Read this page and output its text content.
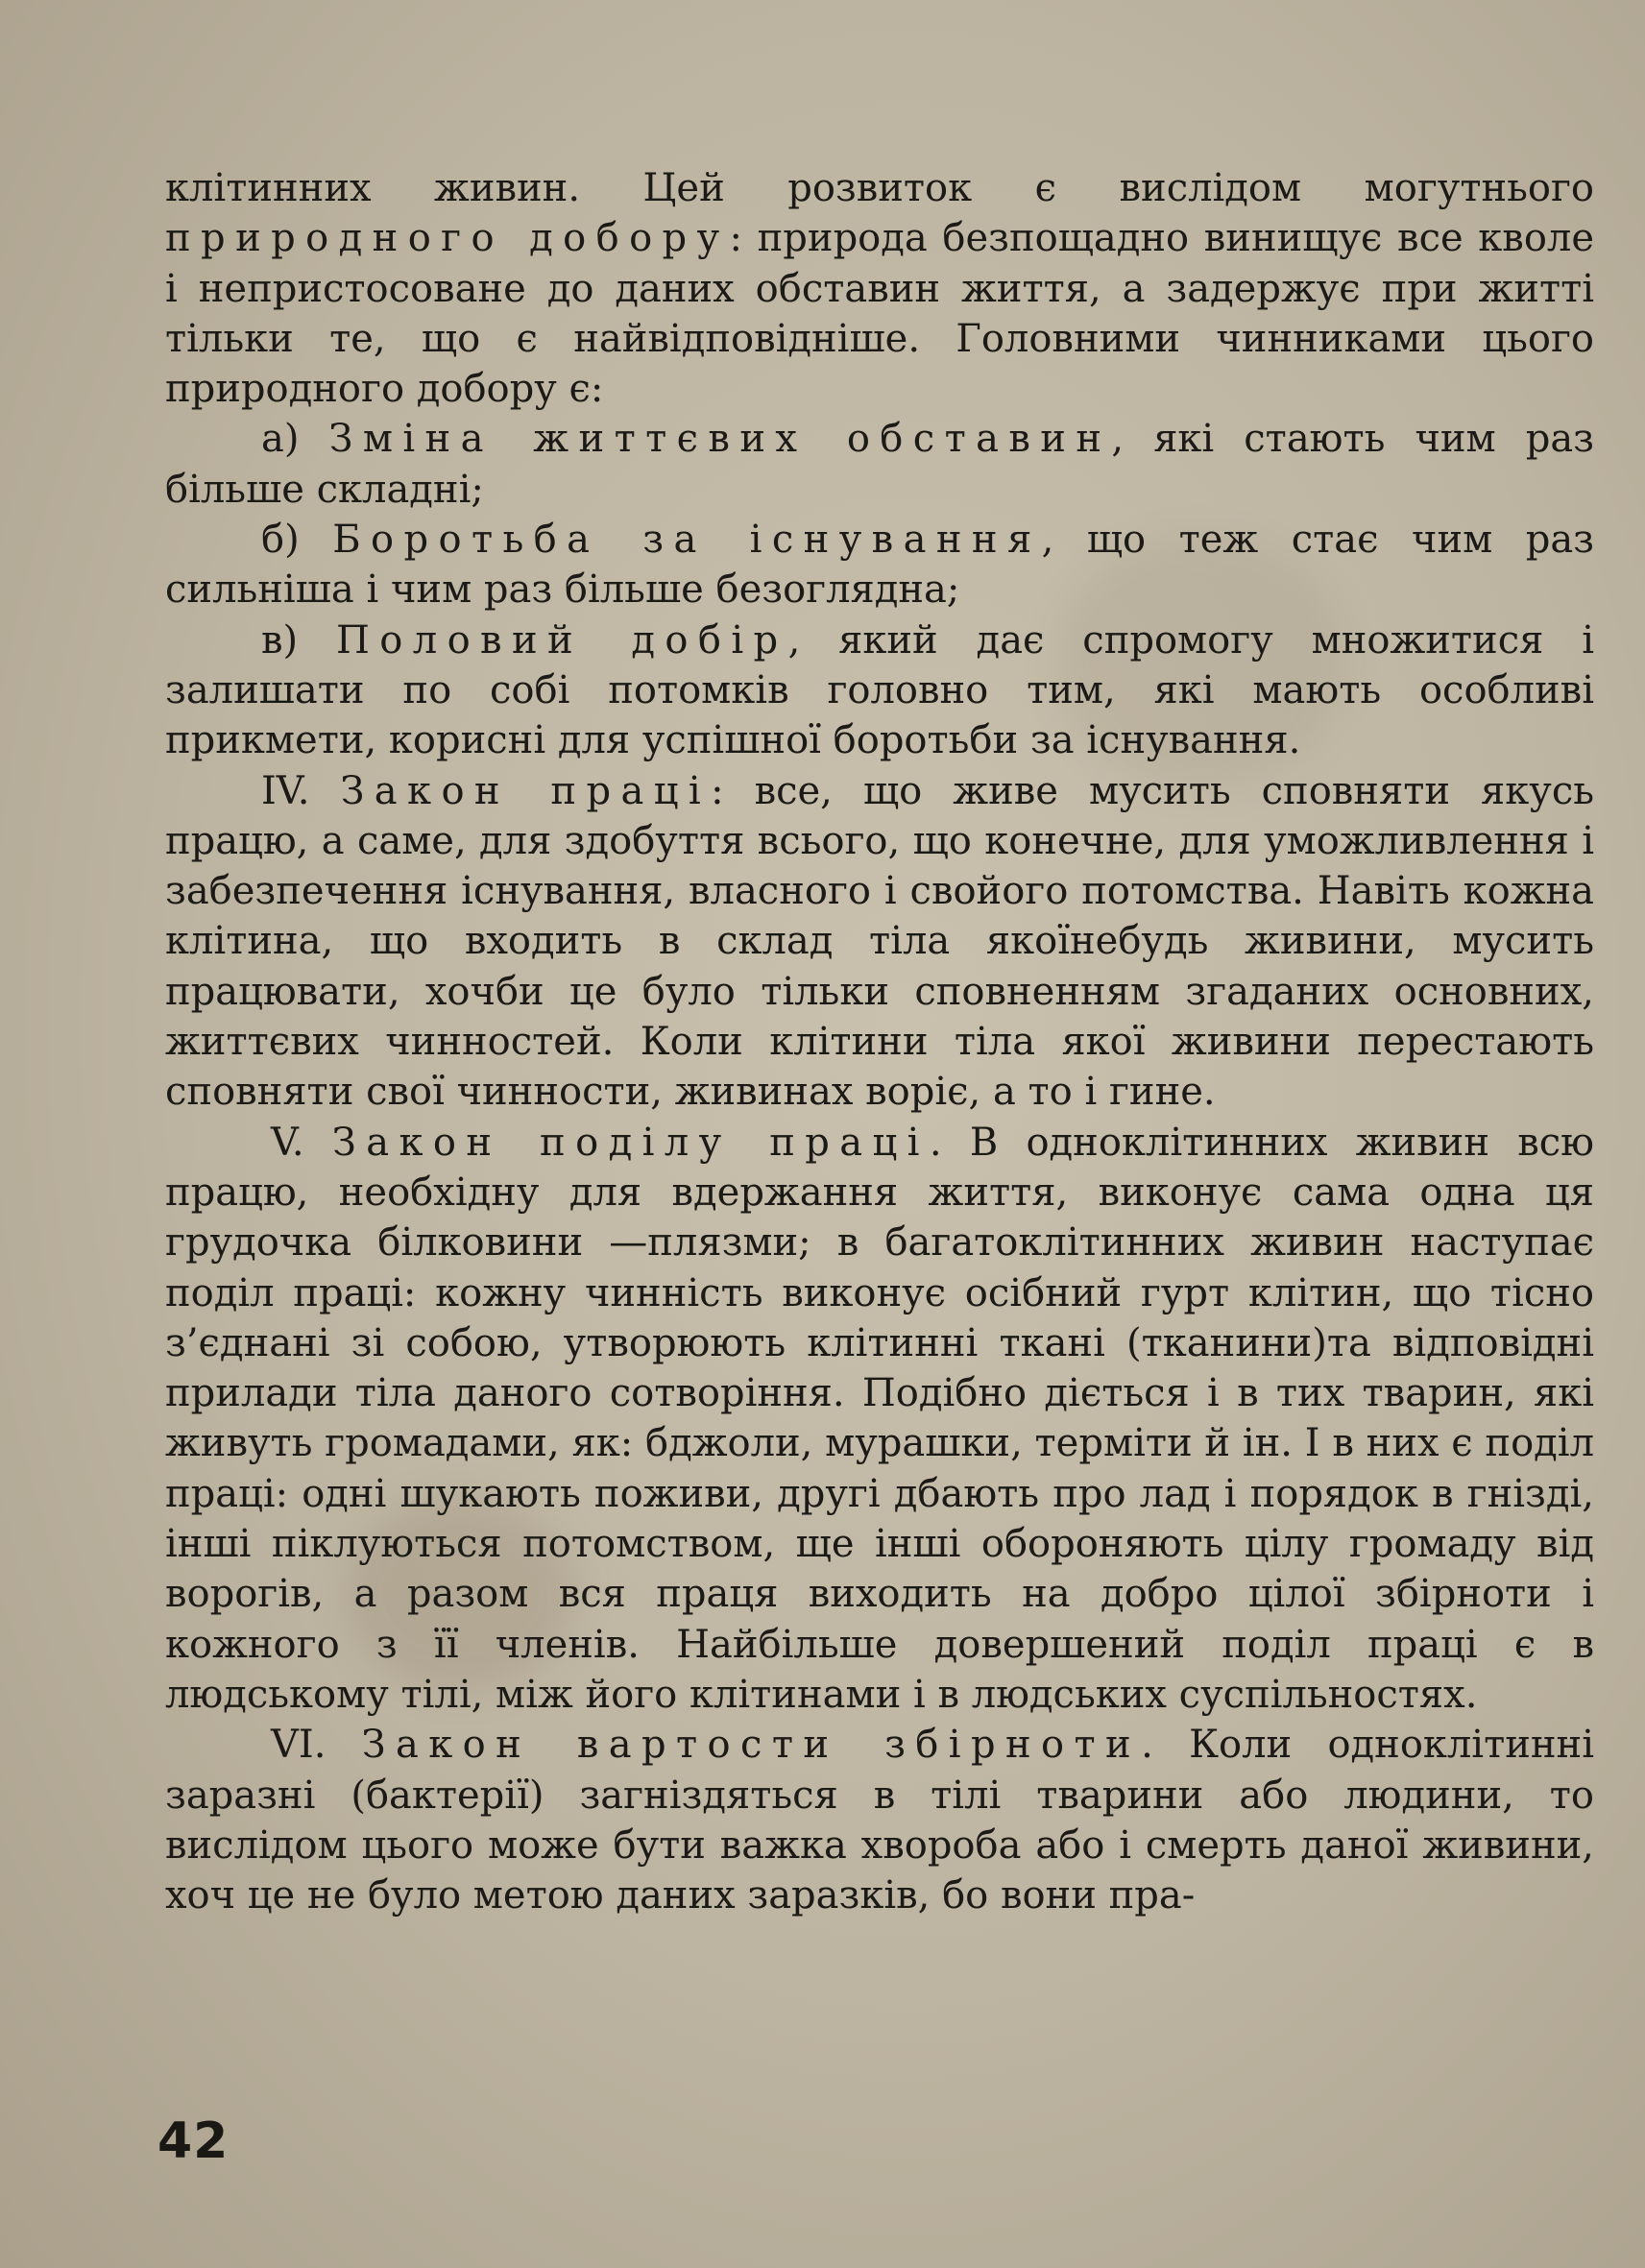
клітинних живин. Цей розвиток є вислідом могутнього природного добору: природа безпощадно винищує все кволе і непристосоване до даних обставин життя, а задержує при житті тільки те, що є найвідповідніше. Головними чинниками цього природного добору є:

а) Зміна життєвих обставин, які стають чим раз більше складні;

б) Боротьба за існування, що теж стає чим раз сильніша і чим раз більше безоглядна;

в) Половий добір, який дає спромогу множитися і залишати по собі потомків головно тим, які мають особливі прикмети, корисні для успішної боротьби за існування.

IV. Закон праці: все, що живе мусить сповняти якусь працю, а саме, для здобуття всього, що конечне, для уможливлення і забезпечення існування, власного і свойого потомства. Навіть кожна клітина, що входить в склад тіла якоїнебудь живини, мусить працювати, хочби це було тільки сповненням згаданих основних, життєвих чинностей. Коли клітини тіла якої живини перестають сповняти свої чинности, живинах воріє, а то і гине.

V. Закон поділу праці. В одноклітинних живин всю працю, необхідну для вдержання життя, виконує сама одна ця грудочка білковини —плязми; в багатоклітинних живин наступає поділ праці: кожну чинність виконує осібний гурт клітин, що тісно з’єднані зі собою, утворюють клітинні ткані (тканини)та відповідні прилади тіла даного сотворіння. Подібно діється і в тих тварин, які живуть громадами, як: бджоли, мурашки, терміти й ін. І в них є поділ праці: одні шукають поживи, другі дбають про лад і порядок в гнізді, інші піклуються потомством, ще інші обороняють цілу громаду від ворогів, а разом вся праця виходить на добро цілої збірноти і кожного з її членів. Найбільше довершений поділ праці є в людському тілі, між його клітинами і в людських суспільностях.

VI. Закон вартости збірноти. Коли одноклітинні заразні (бактерії) загніздяться в тілі тварини або людини, то вислідом цього може бути важка хвороба або і смерть даної живини, хоч це не було метою даних заразків, бо вони пра-

42
